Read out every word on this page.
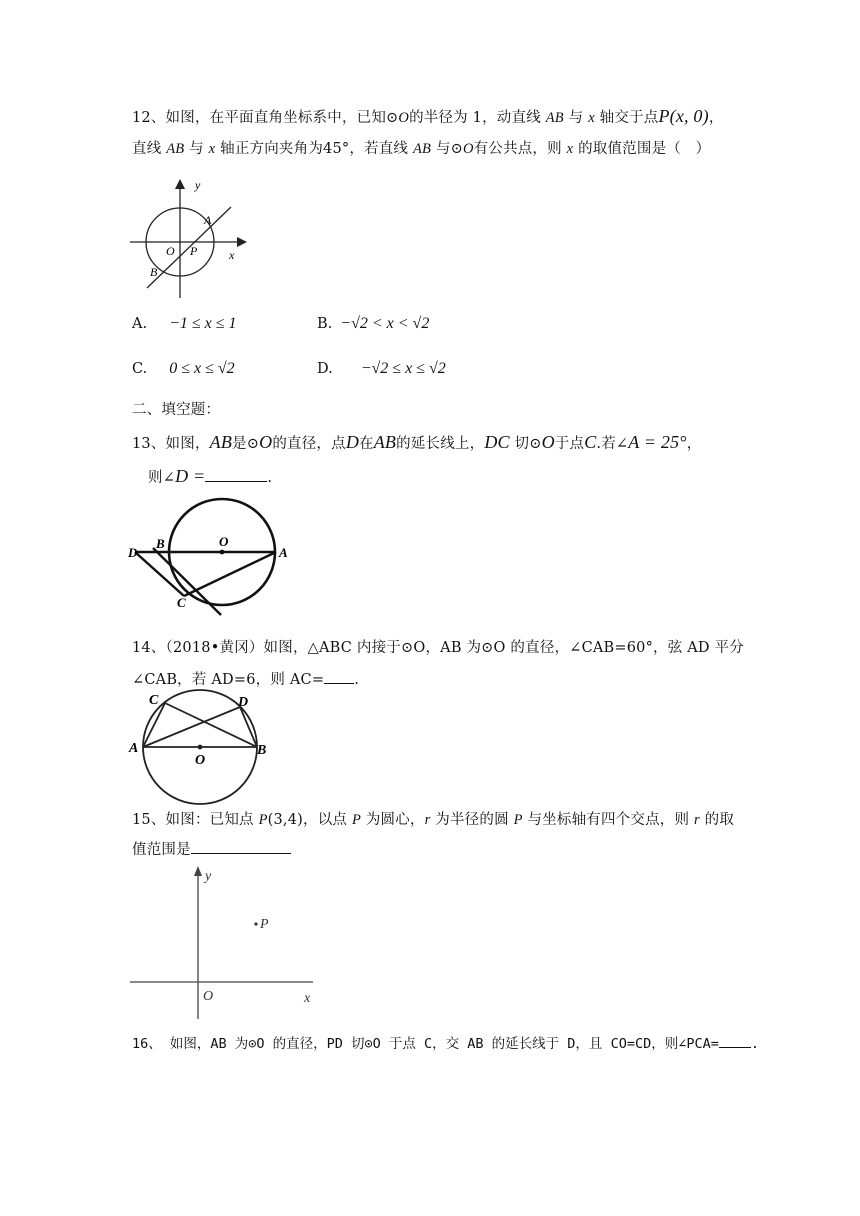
12、如图，在平面直角坐标系中，已知⊙O的半径为 1，动直线 AB 与 x 轴交于点P(x, 0)，
直线 AB 与 x 轴正方向夹角为45°，若直线 AB 与⊙O有公共点，则 x 的取值范围是（　）
y
x
O P
A
B
A. −1 ≤ x ≤ 1	B. −√2 < x < √2
C. 0 ≤ x ≤ √2	D. −√2 ≤ x ≤ √2
二、填空题：
13、如图，AB是⊙O的直径，点D在AB的延长线上，DC 切⊙O于点C.若∠A = 25°，
则∠D =	.
D
B	O
A
C
14、（2018•黄冈）如图，△ABC 内接于⊙O，AB 为⊙O 的直径，∠CAB=60°，弦 AD 平分
∠CAB，若 AD=6，则 AC= .
C	D
A	B
O
15、如图：已知点 P(3,4)，以点 P 为圆心，r 为半径的圆 P 与坐标轴有四个交点，则 r 的取
值范围是
y
P
O	x
16、 如图，AB 为⊙O 的直径，PD 切⊙O 于点 C，交 AB 的延长线于 D，且 CO=CD，则∠PCA= .
